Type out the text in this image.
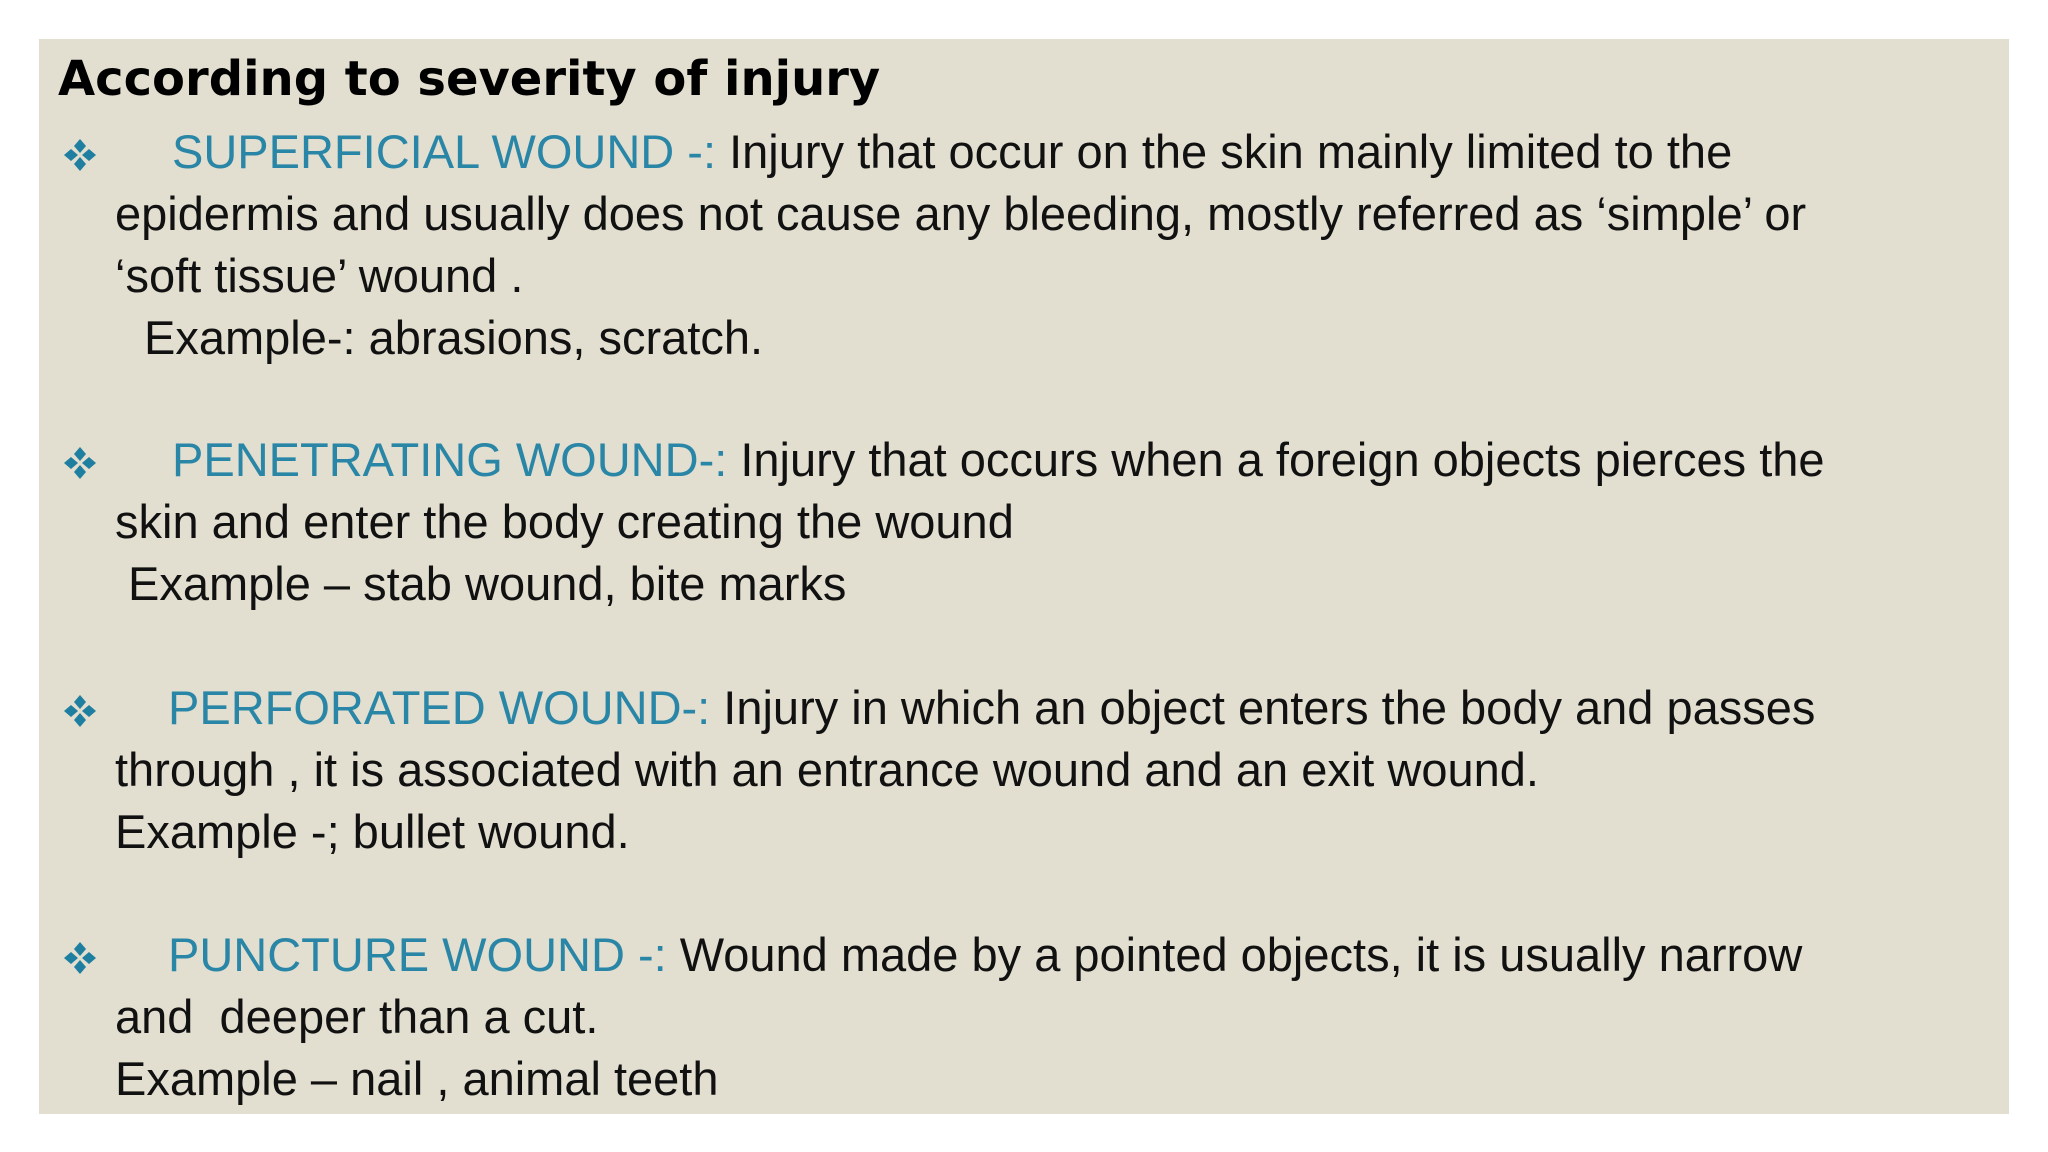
According to severity of injury
SUPERFICIAL WOUND -: Injury that occur on the skin mainly limited to the
epidermis and usually does not cause any bleeding, mostly referred as ‘simple’ or
‘soft tissue’ wound .
Example-: abrasions, scratch.
PENETRATING WOUND-: Injury that occurs when a foreign objects pierces the
skin and enter the body creating the wound
Example – stab wound, bite marks
PERFORATED WOUND-: Injury in which an object enters the body and passes
through , it is associated with an entrance wound and an exit wound.
Example -; bullet wound.
PUNCTURE WOUND -: Wound made by a pointed objects, it is usually narrow
and  deeper than a cut.
Example – nail , animal teeth
